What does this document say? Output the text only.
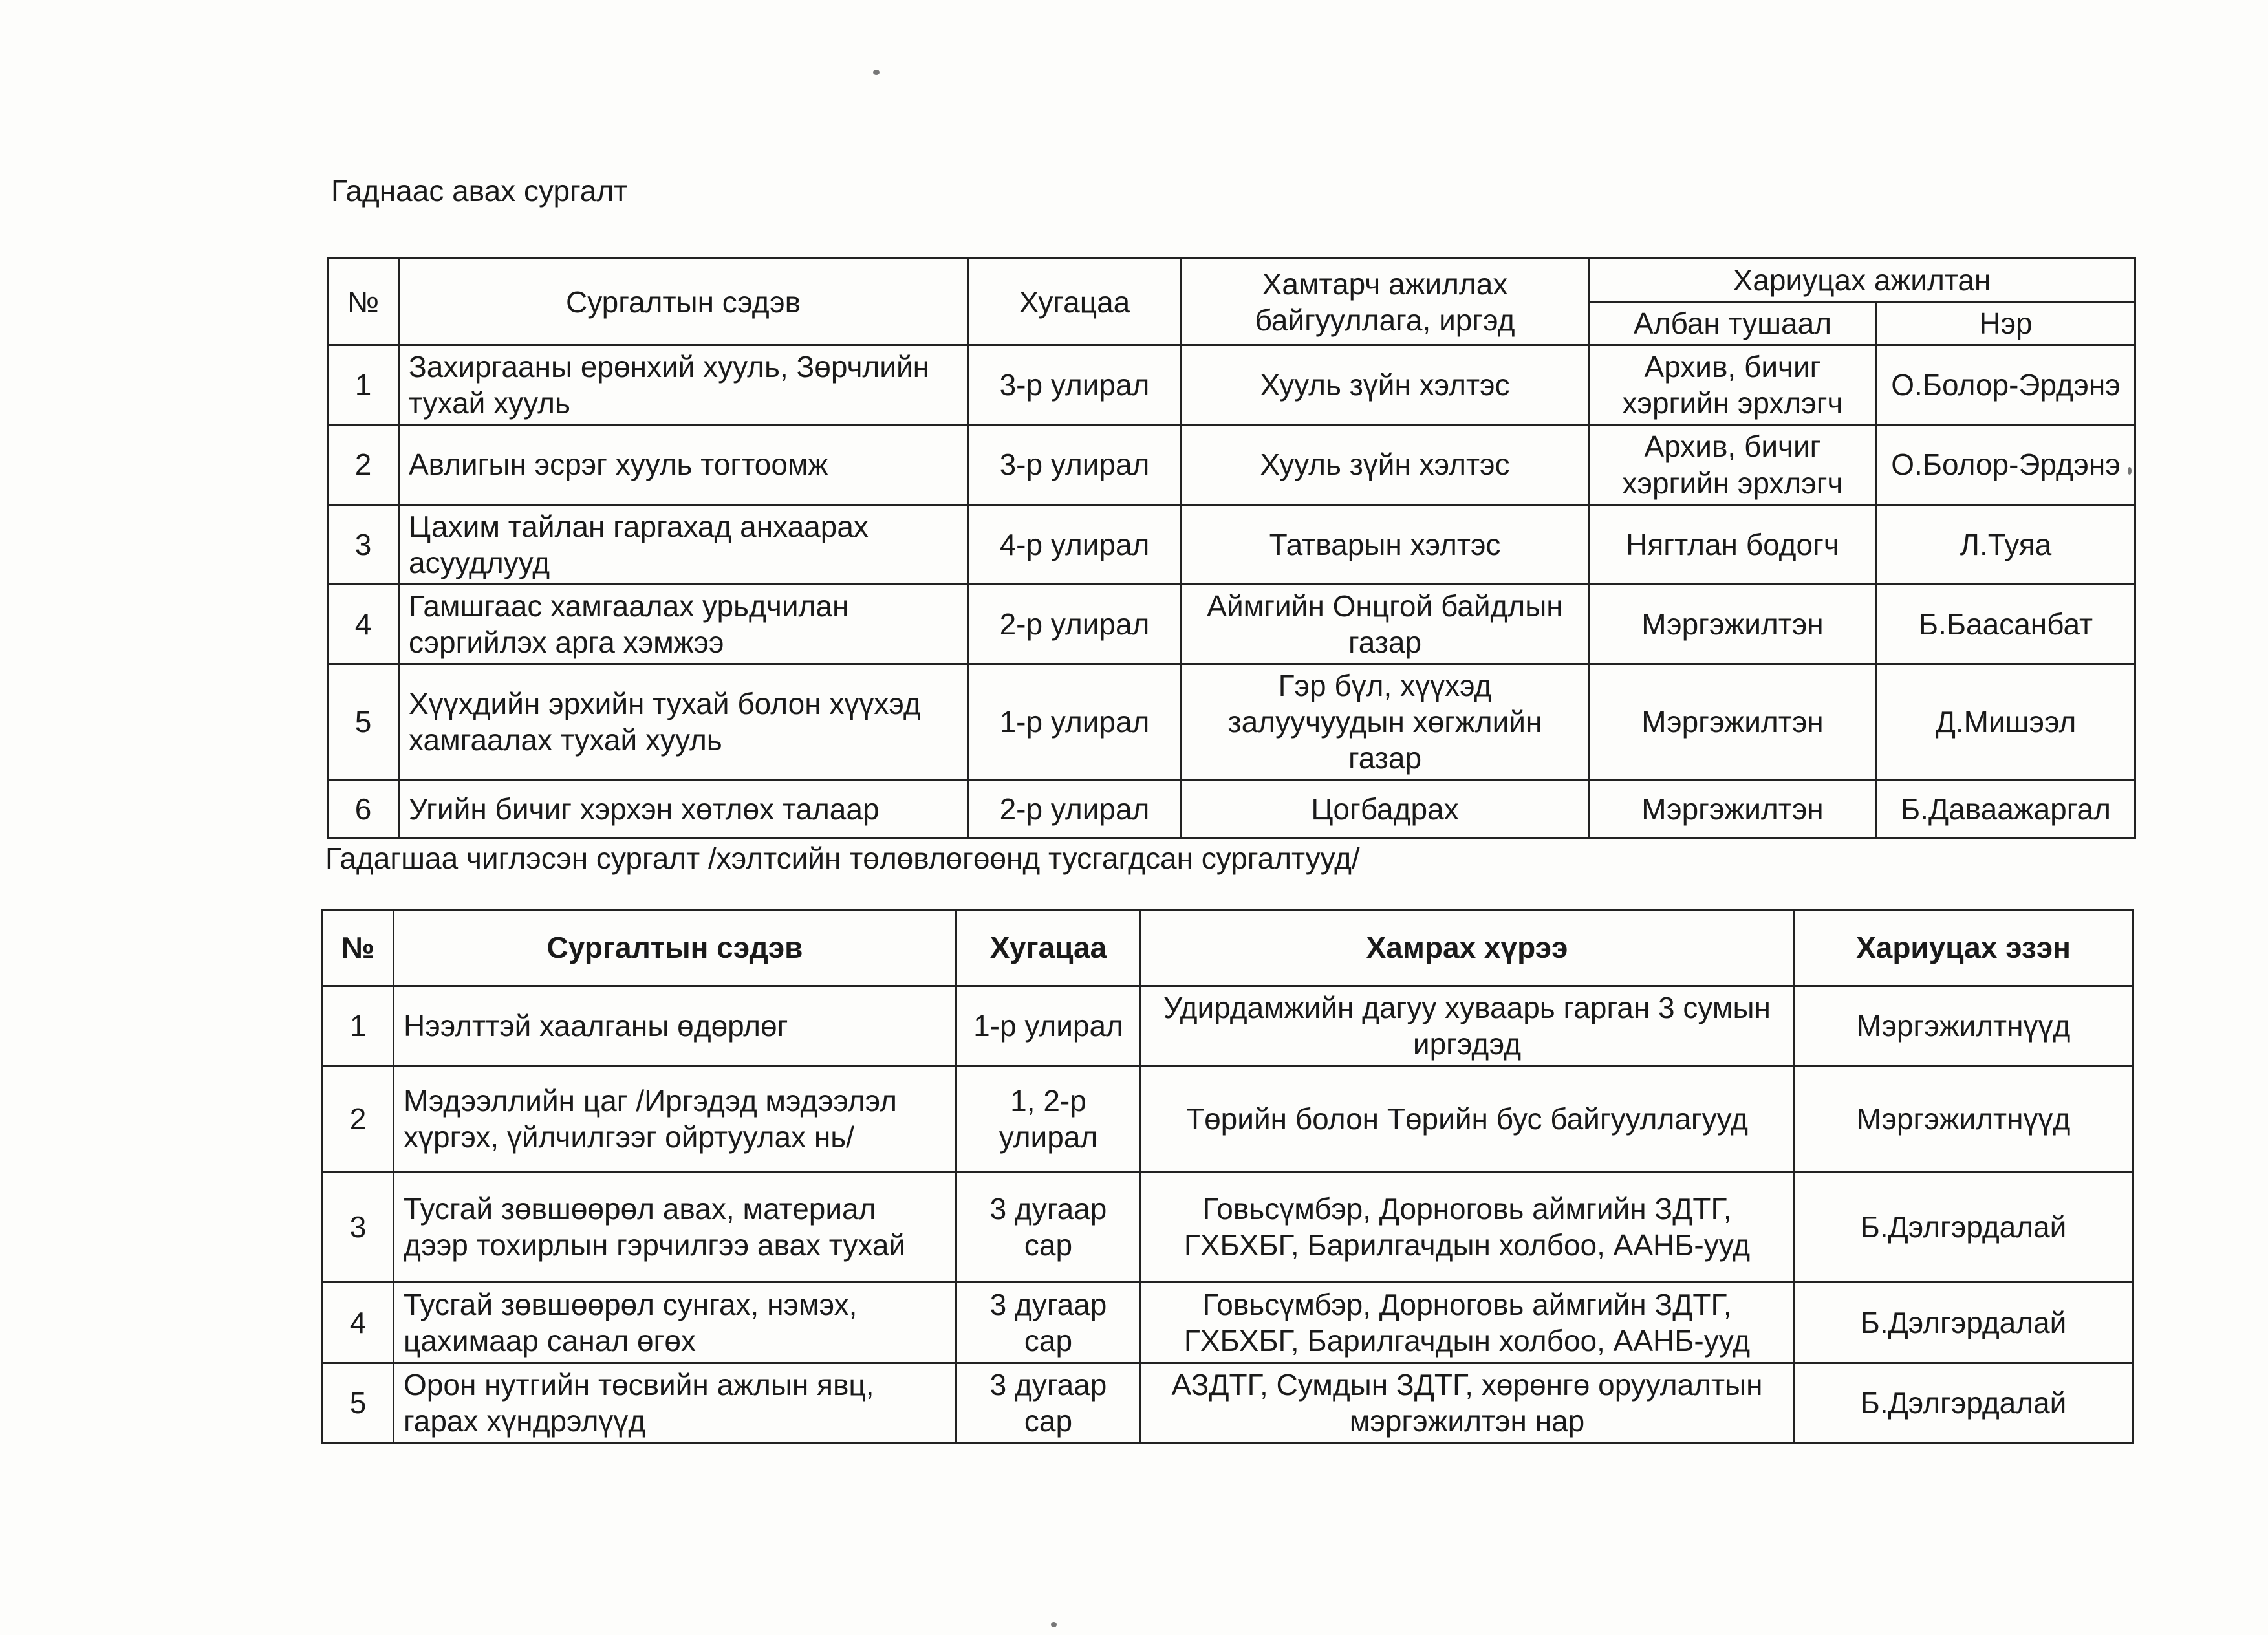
Гаднаас авах сургалт
№	Сургалтын сэдэв	Хугацаа	Хамтарч ажиллах байгууллага, иргэд	Хариуцах ажилтан	
				Албан тушаал	Нэр
1	Захиргааны ерөнхий хууль, Зөрчлийн тухай хууль	3-р улирал	Хууль зүйн хэлтэс	Архив, бичиг хэргийн эрхлэгч	О.Болор-Эрдэнэ
2	Авлигын эсрэг хууль тогтоомж	3-р улирал	Хууль зүйн хэлтэс	Архив, бичиг хэргийн эрхлэгч	О.Болор-Эрдэнэ
3	Цахим тайлан гаргахад анхаарах асуудлууд	4-р улирал	Татварын хэлтэс	Нягтлан бодогч	Л.Туяа
4	Гамшгаас хамгаалах урьдчилан сэргийлэх арга хэмжээ	2-р улирал	Аймгийн Онцгой байдлын газар	Мэргэжилтэн	Б.Баасанбат
5	Хүүхдийн эрхийн тухай болон хүүхэд хамгаалах тухай хууль	1-р улирал	Гэр бүл, хүүхэд залуучуудын хөгжлийн газар	Мэргэжилтэн	Д.Мишээл
6	Угийн бичиг хэрхэн хөтлөх талаар	2-р улирал	Цогбадрах	Мэргэжилтэн	Б.Даваажаргал
Гадагшаа чиглэсэн сургалт /хэлтсийн төлөвлөгөөнд тусгагдсан сургалтууд/
№	Сургалтын сэдэв	Хугацаа	Хамрах хүрээ	Хариуцах эзэн
1	Нээлттэй хаалганы өдөрлөг	1-р улирал	Удирдамжийн дагуу хуваарь гарган 3 сумын иргэдэд	Мэргэжилтнүүд
2	Мэдээллийн цаг /Иргэдэд мэдээлэл хүргэх, үйлчилгээг ойртуулах нь/	1, 2-р улирал	Төрийн болон Төрийн бус байгууллагууд	Мэргэжилтнүүд
3	Тусгай зөвшөөрөл авах, материал дээр тохирлын гэрчилгээ авах тухай	3 дугаар сар	Говьсүмбэр, Дорноговь аймгийн ЗДТГ, ГХБХБГ, Барилгачдын холбоо, ААНБ-ууд	Б.Дэлгэрдалай
4	Тусгай зөвшөөрөл сунгах, нэмэх, цахимаар санал өгөх	3 дугаар сар	Говьсүмбэр, Дорноговь аймгийн ЗДТГ, ГХБХБГ, Барилгачдын холбоо, ААНБ-ууд	Б.Дэлгэрдалай
5	Орон нутгийн төсвийн ажлын явц, гарах хүндрэлүүд	3 дугаар сар	АЗДТГ, Сумдын ЗДТГ, хөрөнгө оруулалтын мэргэжилтэн нар	Б.Дэлгэрдалай
